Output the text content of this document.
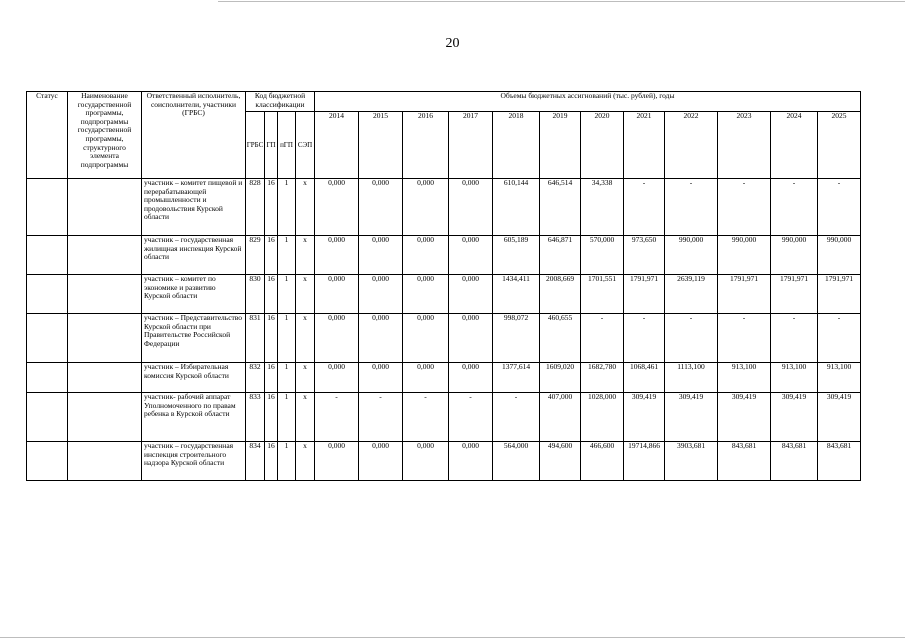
20
Статус	Наименование государственной программы, подпрограммы государственной программы, структурного элемента подпрограммы	Ответственный исполнитель, соисполнители, участники (ГРБС)	Код бюджетной классификации				Объемы бюджетных ассигнований (тыс. рублей), годы											
			ГРБС	ГП	пГП	СЭП	2014	2015	2016	2017	2018	2019	2020	2021	2022	2023	2024	2025

		участник – комитет пищевой и перерабатывающей промышленности и продовольствия Курской области	828	16	1	х	0,000	0,000	0,000	0,000	610,144	646,514	34,338	-	-	-	-	-
		участник – государственная жилищная инспекция Курской области	829	16	1	х	0,000	0,000	0,000	0,000	605,189	646,871	570,000	973,650	990,000	990,000	990,000	990,000
		участник – комитет по экономике и развитию Курской области	830	16	1	х	0,000	0,000	0,000	0,000	1434,411	2008,669	1701,551	1791,971	2639,119	1791,971	1791,971	1791,971
		участник – Представительство Курской области при Правительстве Российской Федерации	831	16	1	х	0,000	0,000	0,000	0,000	998,072	460,655	-	-	-	-	-	-
		участник – Избирательная комиссия Курской области	832	16	1	х	0,000	0,000	0,000	0,000	1377,614	1609,020	1682,780	1068,461	1113,100	913,100	913,100	913,100
		участник- рабочий аппарат Уполномоченного по правам ребенка в Курской области	833	16	1	х	-	-	-	-	-	407,000	1028,000	309,419	309,419	309,419	309,419	309,419
		участник – государственная инспекция строительного надзора Курской области	834	16	1	х	0,000	0,000	0,000	0,000	564,000	494,600	466,600	19714,866	3903,681	843,681	843,681	843,681
